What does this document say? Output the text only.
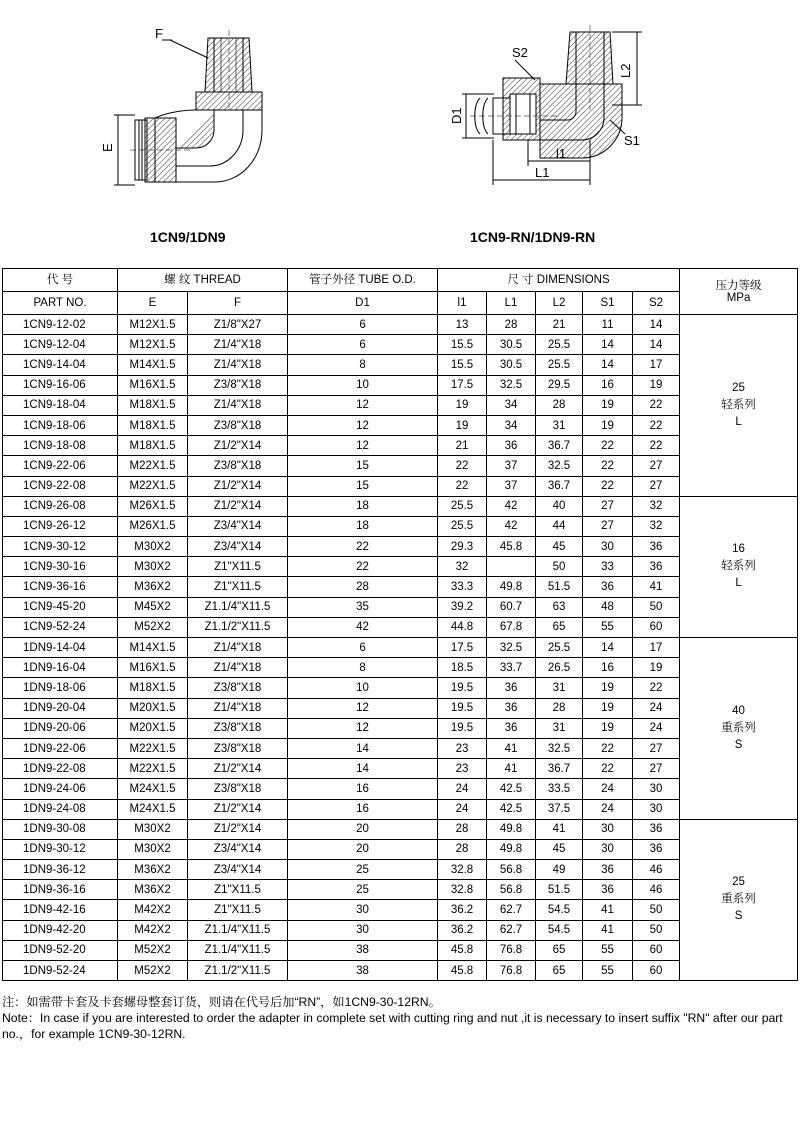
F
E
S2
L2
D1
S1
l1
L1
1CN9/1DN9	1CN9-RN/1DN9-RN
代 号	螺 纹 THREAD		管子外径 TUBE O.D.	尺 寸 DIMENSIONS					压力等级
MPa

PART NO.	E	F	D1	l1	L1	L2	S1	S2	
1CN9-12-02	M12X1.5	Z1/8"X27	6	13	28	21	11	14	25
轻系列
L

1CN9-12-04	M12X1.5	Z1/4"X18	6	15.5	30.5	25.5	14	14	
1CN9-14-04	M14X1.5	Z1/4"X18	8	15.5	30.5	25.5	14	17	
1CN9-16-06	M16X1.5	Z3/8"X18	10	17.5	32.5	29.5	16	19	
1CN9-18-04	M18X1.5	Z1/4"X18	12	19	34	28	19	22	
1CN9-18-06	M18X1.5	Z3/8"X18	12	19	34	31	19	22	
1CN9-18-08	M18X1.5	Z1/2"X14	12	21	36	36.7	22	22	
1CN9-22-06	M22X1.5	Z3/8"X18	15	22	37	32.5	22	27	
1CN9-22-08	M22X1.5	Z1/2"X14	15	22	37	36.7	22	27	
1CN9-26-08	M26X1.5	Z1/2"X14	18	25.5	42	40	27	32	16
轻系列
L

1CN9-26-12	M26X1.5	Z3/4"X14	18	25.5	42	44	27	32	
1CN9-30-12	M30X2	Z3/4"X14	22	29.3	45.8	45	30	36	
1CN9-30-16	M30X2	Z1"X11.5	22	32		50	33	36	
1CN9-36-16	M36X2	Z1"X11.5	28	33.3	49.8	51.5	36	41	
1CN9-45-20	M45X2	Z1.1/4"X11.5	35	39.2	60.7	63	48	50	
1CN9-52-24	M52X2	Z1.1/2"X11.5	42	44.8	67.8	65	55	60	
1DN9-14-04	M14X1.5	Z1/4"X18	6	17.5	32.5	25.5	14	17	40
重系列
S

1DN9-16-04	M16X1.5	Z1/4"X18	8	18.5	33.7	26.5	16	19	
1DN9-18-06	M18X1.5	Z3/8"X18	10	19.5	36	31	19	22	
1DN9-20-04	M20X1.5	Z1/4"X18	12	19.5	36	28	19	24	
1DN9-20-06	M20X1.5	Z3/8"X18	12	19.5	36	31	19	24	
1DN9-22-06	M22X1.5	Z3/8"X18	14	23	41	32.5	22	27	
1DN9-22-08	M22X1.5	Z1/2"X14	14	23	41	36.7	22	27	
1DN9-24-06	M24X1.5	Z3/8"X18	16	24	42.5	33.5	24	30	
1DN9-24-08	M24X1.5	Z1/2"X14	16	24	42.5	37.5	24	30	
1DN9-30-08	M30X2	Z1/2"X14	20	28	49.8	41	30	36	25
重系列
S

1DN9-30-12	M30X2	Z3/4"X14	20	28	49.8	45	30	36	
1DN9-36-12	M36X2	Z3/4"X14	25	32.8	56.8	49	36	46	
1DN9-36-16	M36X2	Z1"X11.5	25	32.8	56.8	51.5	36	46	
1DN9-42-16	M42X2	Z1"X11.5	30	36.2	62.7	54.5	41	50	
1DN9-42-20	M42X2	Z1.1/4"X11.5	30	36.2	62.7	54.5	41	50	
1DN9-52-20	M52X2	Z1.1/4"X11.5	38	45.8	76.8	65	55	60	
1DN9-52-24	M52X2	Z1.1/2"X11.5	38	45.8	76.8	65	55	60	
注：如需带卡套及卡套螺母整套订货，则请在代号后加“RN”，如1CN9-30-12RN。
Note：In case if you are interested to order the adapter in complete set with cutting ring and nut ,it is necessary to insert suffix "RN" after our part no.，for example 1CN9-30-12RN.
